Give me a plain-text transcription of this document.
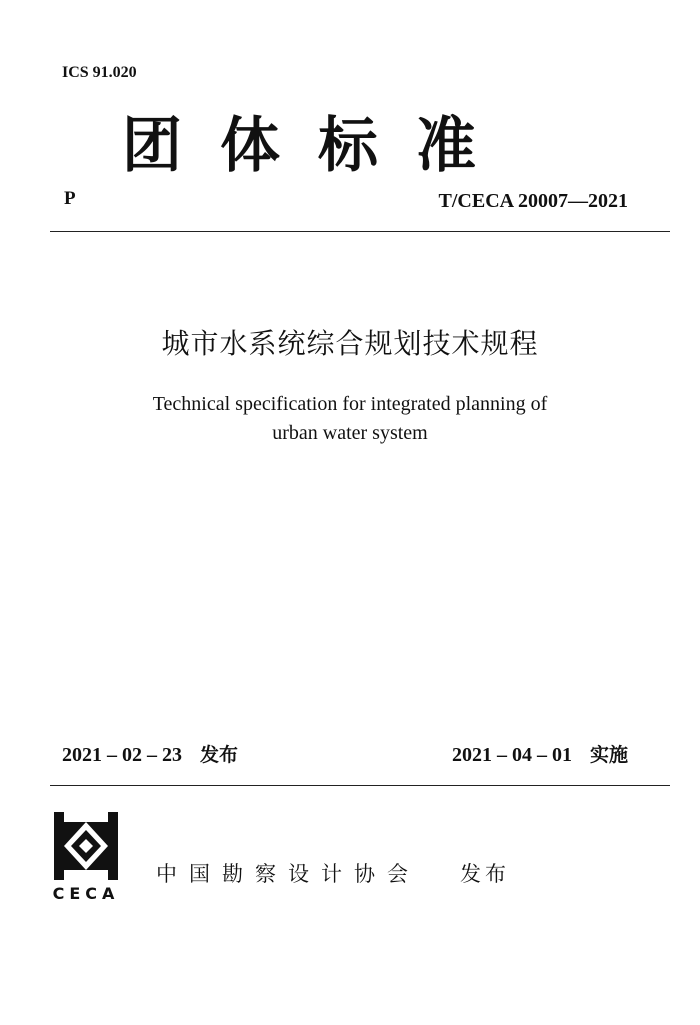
ICS 91.020
团体标准
P	T/CECA 20007—2021
城市水系统综合规划技术规程
Technical specification for integrated planning of
urban water system
2021 – 02 – 23 发布	2021 – 04 – 01 实施
CECA
中国勘察设计协会 发布
